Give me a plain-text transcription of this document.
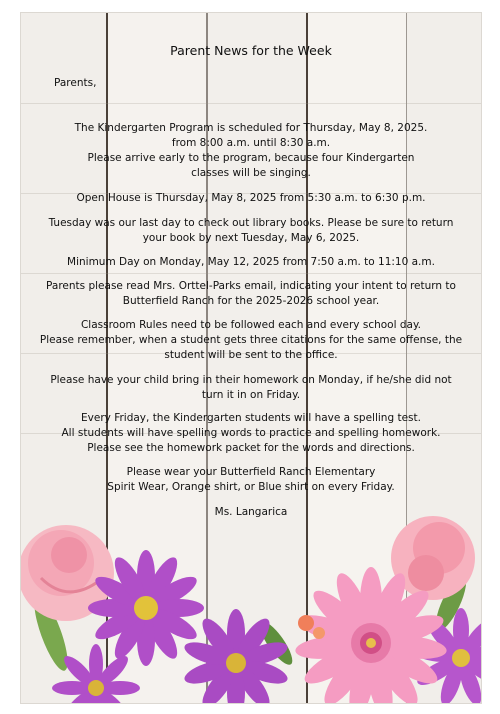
Parent News for the Week
Parents,
The Kindergarten Program is scheduled for Thursday, May 8, 2025.
from 8:00 a.m. until 8:30 a.m.
Please arrive early to the program, because four Kindergarten
classes will be singing.
Open House is Thursday, May 8, 2025 from 5:30 a.m. to 6:30 p.m.
Tuesday was our last day to check out library books. Please be sure to return
your book by next Tuesday, May 6, 2025.
Minimum Day on Monday, May 12, 2025 from 7:50 a.m. to 11:10 a.m.
Parents please read Mrs. Orttel-Parks email, indicating your intent to return to
Butterfield Ranch for the 2025-2026 school year.
Classroom Rules need to be followed each and every school day.
Please remember, when a student gets three citations for the same offense, the
student will be sent to the office.
Please have your child bring in their homework on Monday, if he/she did not
turn it in on Friday.
Every Friday, the Kindergarten students will have a spelling test.
All students will have spelling words to practice and spelling homework.
Please see the homework packet for the words and directions.
Please wear your Butterfield Ranch Elementary
Spirit Wear, Orange shirt, or Blue shirt on every Friday.
Ms. Langarica
